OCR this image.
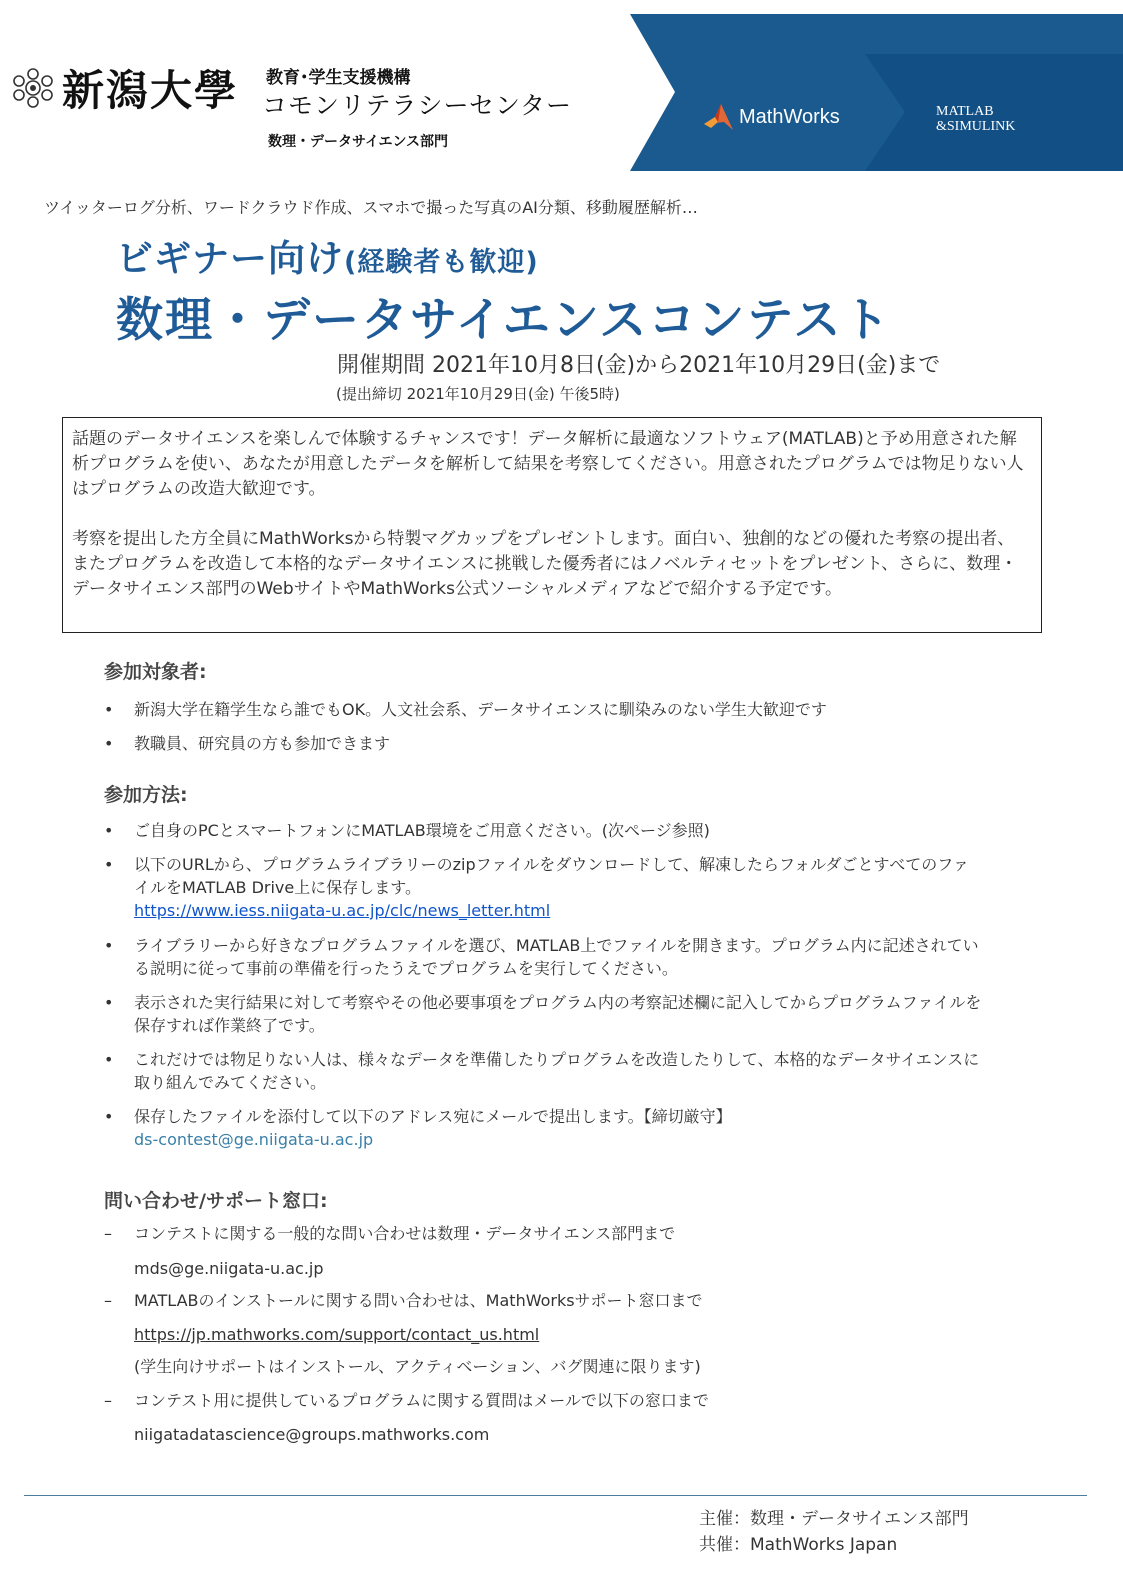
新潟大學 教育･学生支援機構
コモンリテラシーセンター
数理・データサイエンス部門
MathWorks	MATLAB
&SIMULINK
ツイッターログ分析、ワードクラウド作成、スマホで撮った写真のAI分類、移動履歴解析…
ビギナー向け(経験者も歓迎)
数理・データサイエンスコンテスト
開催期間 2021年10月8日(金)から2021年10月29日(金)まで
(提出締切 2021年10月29日(金) 午後5時)

話題のデータサイエンスを楽しんで体験するチャンスです！データ解析に最適なソフトウェア(MATLAB)と予め用意された解析プログラムを使い、あなたが用意したデータを解析して結果を考察してください。用意されたプログラムでは物足りない人はプログラムの改造大歓迎です。

考察を提出した方全員にMathWorksから特製マグカップをプレゼントします。面白い、独創的などの優れた考察の提出者、またプログラムを改造して本格的なデータサイエンスに挑戦した優秀者にはノベルティセットをプレゼント、さらに、数理・データサイエンス部門のWebサイトやMathWorks公式ソーシャルメディアなどで紹介する予定です。

参加対象者:
•	新潟大学在籍学生なら誰でもOK。人文社会系、データサイエンスに馴染みのない学生大歓迎です
•	教職員、研究員の方も参加できます
参加方法:
•	ご自身のPCとスマートフォンにMATLAB環境をご用意ください。(次ページ参照)
•	以下のURLから、プログラムライブラリーのzipファイルをダウンロードして、解凍したらフォルダごとすべてのファイルをMATLAB Drive上に保存します。
https://www.iess.niigata-u.ac.jp/clc/news_letter.html
•	ライブラリーから好きなプログラムファイルを選び、MATLAB上でファイルを開きます。プログラム内に記述されている説明に従って事前の準備を行ったうえでプログラムを実行してください。
•	表示された実行結果に対して考察やその他必要事項をプログラム内の考察記述欄に記入してからプログラムファイルを保存すれば作業終了です。
•	これだけでは物足りない人は、様々なデータを準備したりプログラムを改造したりして、本格的なデータサイエンスに取り組んでみてください。
•	保存したファイルを添付して以下のアドレス宛にメールで提出します。【締切厳守】
ds-contest@ge.niigata-u.ac.jp
問い合わせ/サポート窓口:
–	コンテストに関する一般的な問い合わせは数理・データサイエンス部門まで
mds@ge.niigata-u.ac.jp
–	MATLABのインストールに関する問い合わせは、MathWorksサポート窓口まで
https://jp.mathworks.com/support/contact_us.html
(学生向けサポートはインストール、アクティベーション、バグ関連に限ります)
–	コンテスト用に提供しているプログラムに関する質問はメールで以下の窓口まで
niigatadatascience@groups.mathworks.com
主催：数理・データサイエンス部門
共催：MathWorks Japan
